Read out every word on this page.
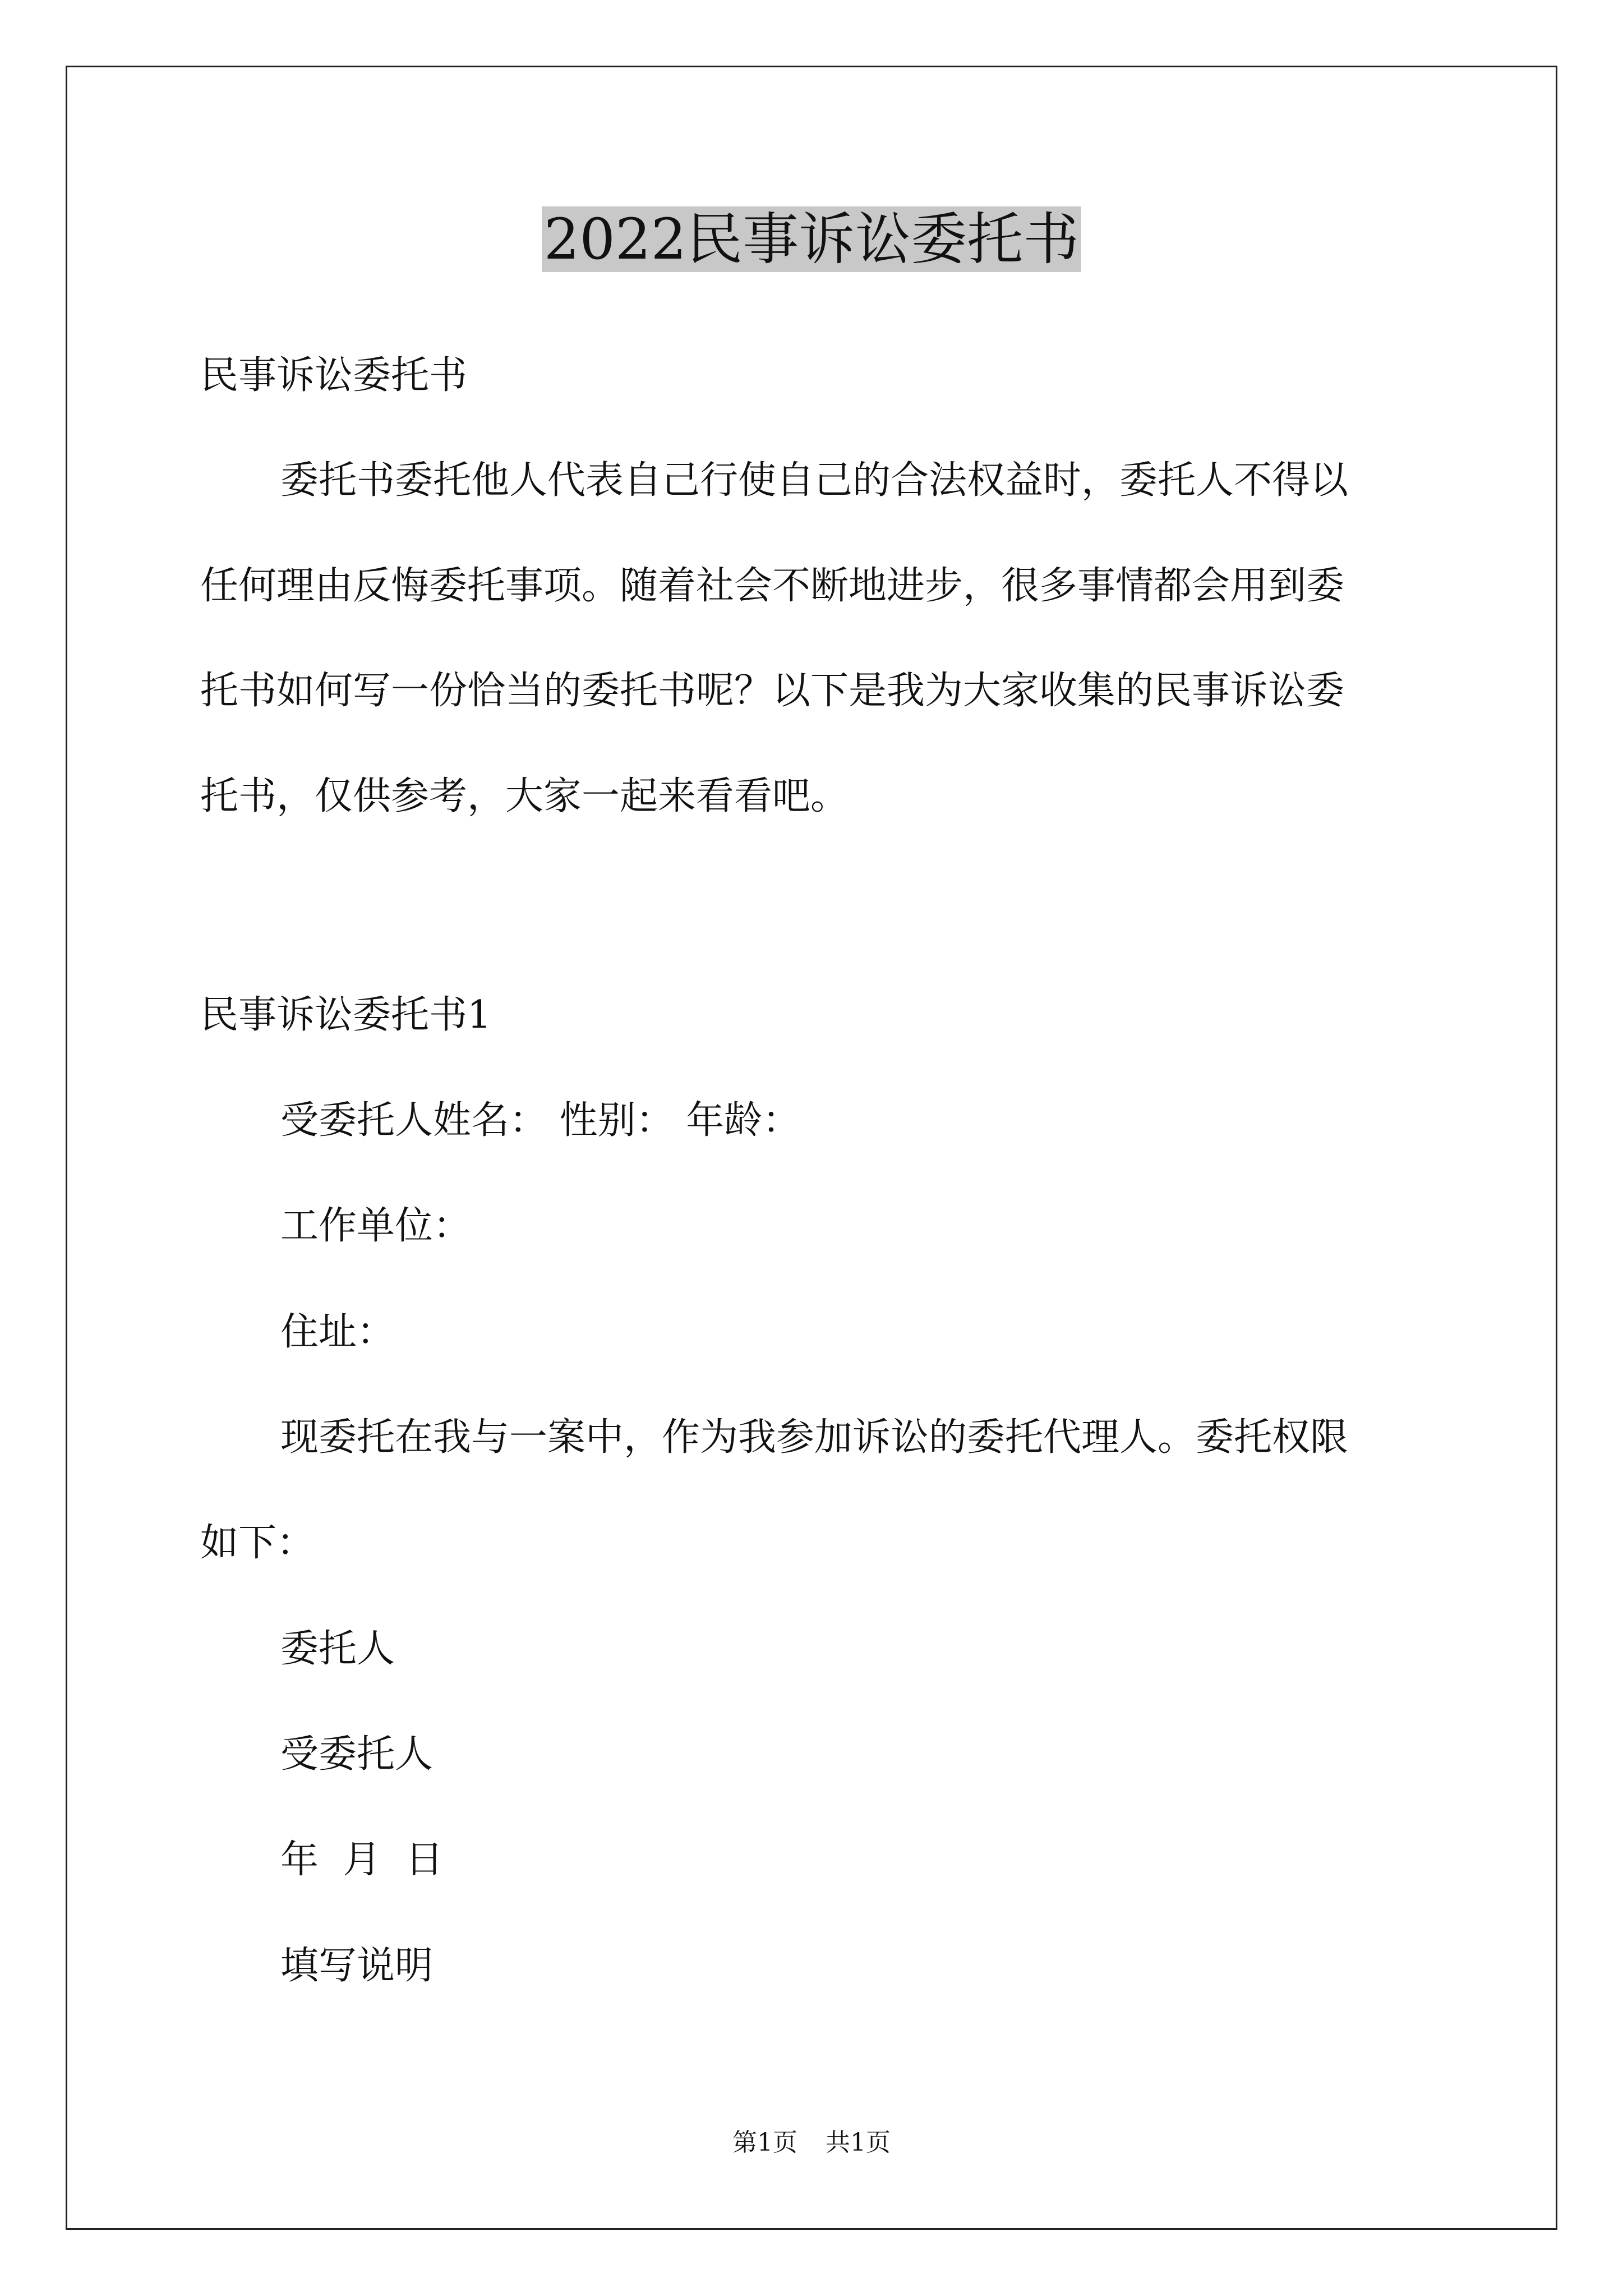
2022民事诉讼委托书
民事诉讼委托书
委托书委托他人代表自己行使自己的合法权益时，委托人不得以
任何理由反悔委托事项。随着社会不断地进步，很多事情都会用到委
托书如何写一份恰当的委托书呢？以下是我为大家收集的民事诉讼委
托书，仅供参考，大家一起来看看吧。
民事诉讼委托书1
受委托人姓名： 性别： 年龄：
工作单位：
住址：
现委托在我与一案中，作为我参加诉讼的委托代理人。委托权限
如下：
委托人
受委托人
年  月  日
填写说明
第1页 共1页
